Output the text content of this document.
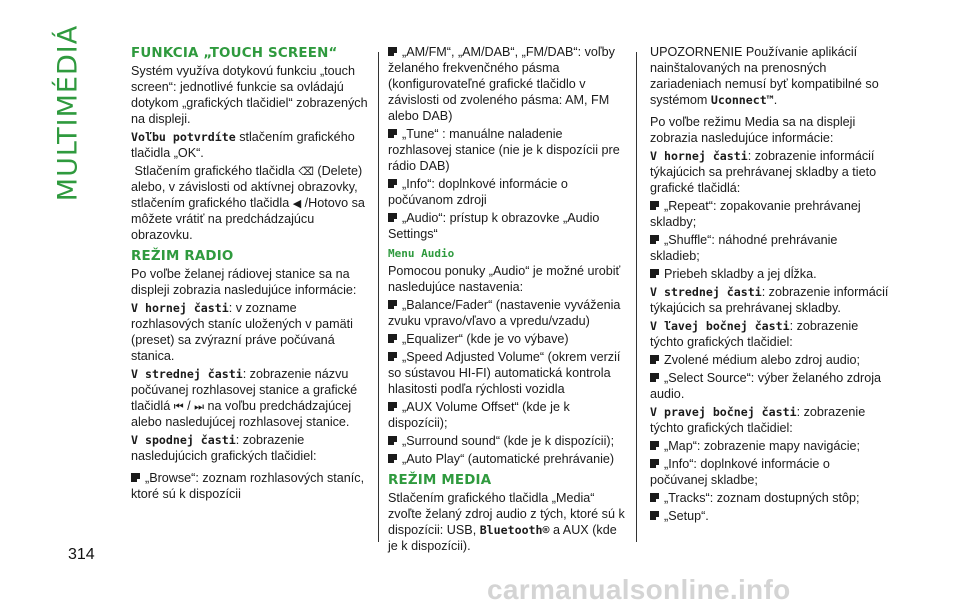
MULTIMÉDIÁ	FUNKCIA „TOUCH SCREEN“

Systém využíva dotykovú funkciu „touch screen“: jednotlivé funkcie sa ovládajú dotykom „grafických tlačidiel“ zobrazených na displeji.

Voľbu potvrdíte stlačením grafického tlačidla „OK“.

Stlačením grafického tlačidla ⌫ (Delete) alebo, v závislosti od aktívnej obrazovky, stlačením grafického tlačidla ◀ /Hotovo sa môžete vrátiť na predchádzajúcu obrazovku.

REŽIM RADIO

Po voľbe želanej rádiovej stanice sa na displeji zobrazia nasledujúce informácie:

V hornej časti: v zozname rozhlasových staníc uložených v pamäti (preset) sa zvýrazní práve počúvaná stanica.

V strednej časti: zobrazenie názvu počúvanej rozhlasovej stanice a grafické tlačidlá ⏮ / ⏭ na voľbu predchádzajúcej alebo nasledujúcej rozhlasovej stanice.

V spodnej časti: zobrazenie nasledujúcich grafických tlačidiel:

„Browse“: zoznam rozhlasových staníc, ktoré sú k dispozícii

„AM/FM“, „AM/DAB“, „FM/DAB“: voľby želaného frekvenčného pásma (konfigurovateľné grafické tlačidlo v závislosti od zvoleného pásma: AM, FM alebo DAB)

„Tune“ : manuálne naladenie rozhlasovej stanice (nie je k dispozícii pre rádio DAB)

„Info“: doplnkové informácie o počúvanom zdroji

„Audio“: prístup k obrazovke „Audio Settings“

Menu Audio

Pomocou ponuky „Audio“ je možné urobiť nasledujúce nastavenia:

„Balance/Fader“ (nastavenie vyváženia zvuku vpravo/vľavo a vpredu/vzadu)

„Equalizer“ (kde je vo výbave)

„Speed Adjusted Volume“ (okrem verzií so sústavou HI-FI) automatická kontrola hlasitosti podľa rýchlosti vozidla

„AUX Volume Offset“ (kde je k dispozícii);

„Surround sound“ (kde je k dispozícii);

„Auto Play“ (automatické prehrávanie)

REŽIM MEDIA

Stlačením grafického tlačidla „Media“ zvoľte želaný zdroj audio z tých, ktoré sú k dispozícii: USB, Bluetooth® a AUX (kde je k dispozícii).

UPOZORNENIE Používanie aplikácií nainštalovaných na prenosných zariadeniach nemusí byť kompatibilné so systémom Uconnect™.

Po voľbe režimu Media sa na displeji zobrazia nasledujúce informácie:

V hornej časti: zobrazenie informácií týkajúcich sa prehrávanej skladby a tieto grafické tlačidlá:

„Repeat“: zopakovanie prehrávanej skladby;

„Shuffle“: náhodné prehrávanie skladieb;

Priebeh skladby a jej dĺžka.

V strednej časti: zobrazenie informácií týkajúcich sa prehrávanej skladby.

V ľavej bočnej časti: zobrazenie týchto grafických tlačidiel:

Zvolené médium alebo zdroj audio;

„Select Source“: výber želaného zdroja audio.

V pravej bočnej časti: zobrazenie týchto grafických tlačidiel:

„Map“: zobrazenie mapy navigácie;

„Info“: doplnkové informácie o počúvanej skladbe;

„Tracks“: zoznam dostupných stôp;

„Setup“.

314
carmanualsonline.info
